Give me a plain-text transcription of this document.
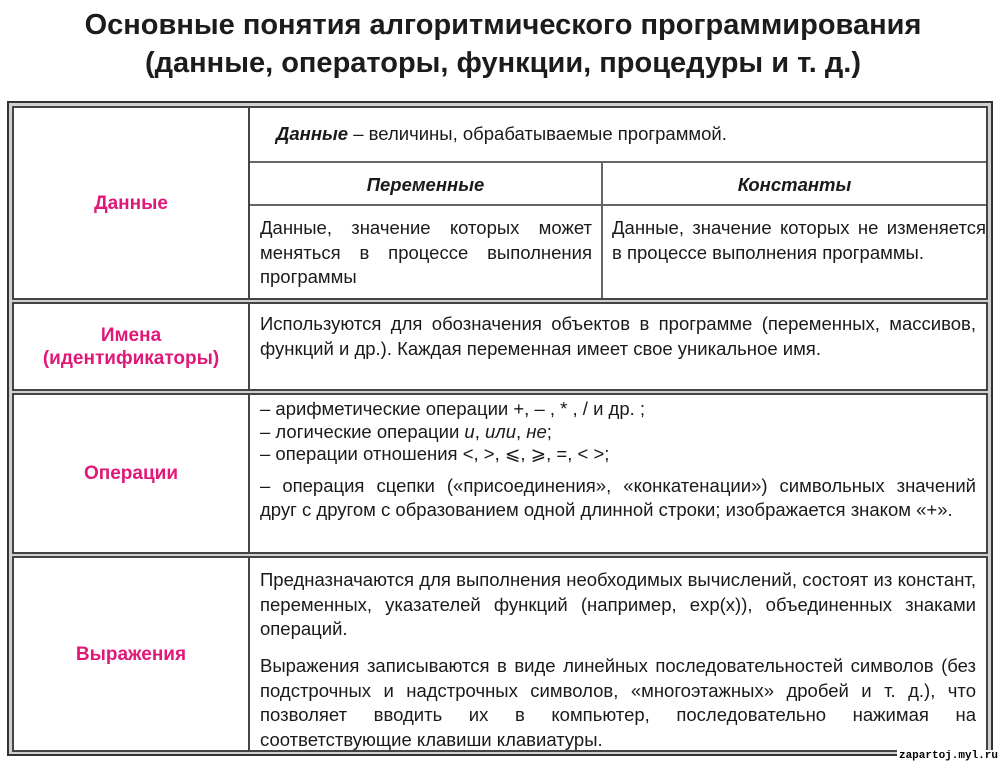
Основные понятия алгоритмического программирования
(данные, операторы, функции, процедуры и т. д.)
Данные
Данные – величины, обрабатываемые программой.
Переменные	Константы
Данные, значение которых может меняться в процессе выполнения программы
Данные, значение которых не изменяется в процессе выполнения программы.
Имена
(идентификаторы)
Используются для обозначения объектов в программе (переменных, массивов, функций и др.). Каждая переменная имеет свое уникальное имя.
Операции
– арифметические операции +, – , * , / и др. ;
– логические операции и, или, не;
– операции отношения <, >, ⩽, ⩾, =, < >;
– операция сцепки («присоединения», «конкатенации») символьных значений друг с другом с образованием одной длинной строки; изображается знаком «+».
Выражения
Предназначаются для выполнения необходимых вычислений, состоят из констант, переменных, указателей функций (например, exp(x)), объединенных знаками операций.
Выражения записываются в виде линейных последовательностей символов (без подстрочных и надстрочных символов, «многоэтажных» дробей и т. д.), что позволяет вводить их в компьютер, последовательно нажимая на соответствующие клавиши клавиатуры.
zapartoj.myl.ru
